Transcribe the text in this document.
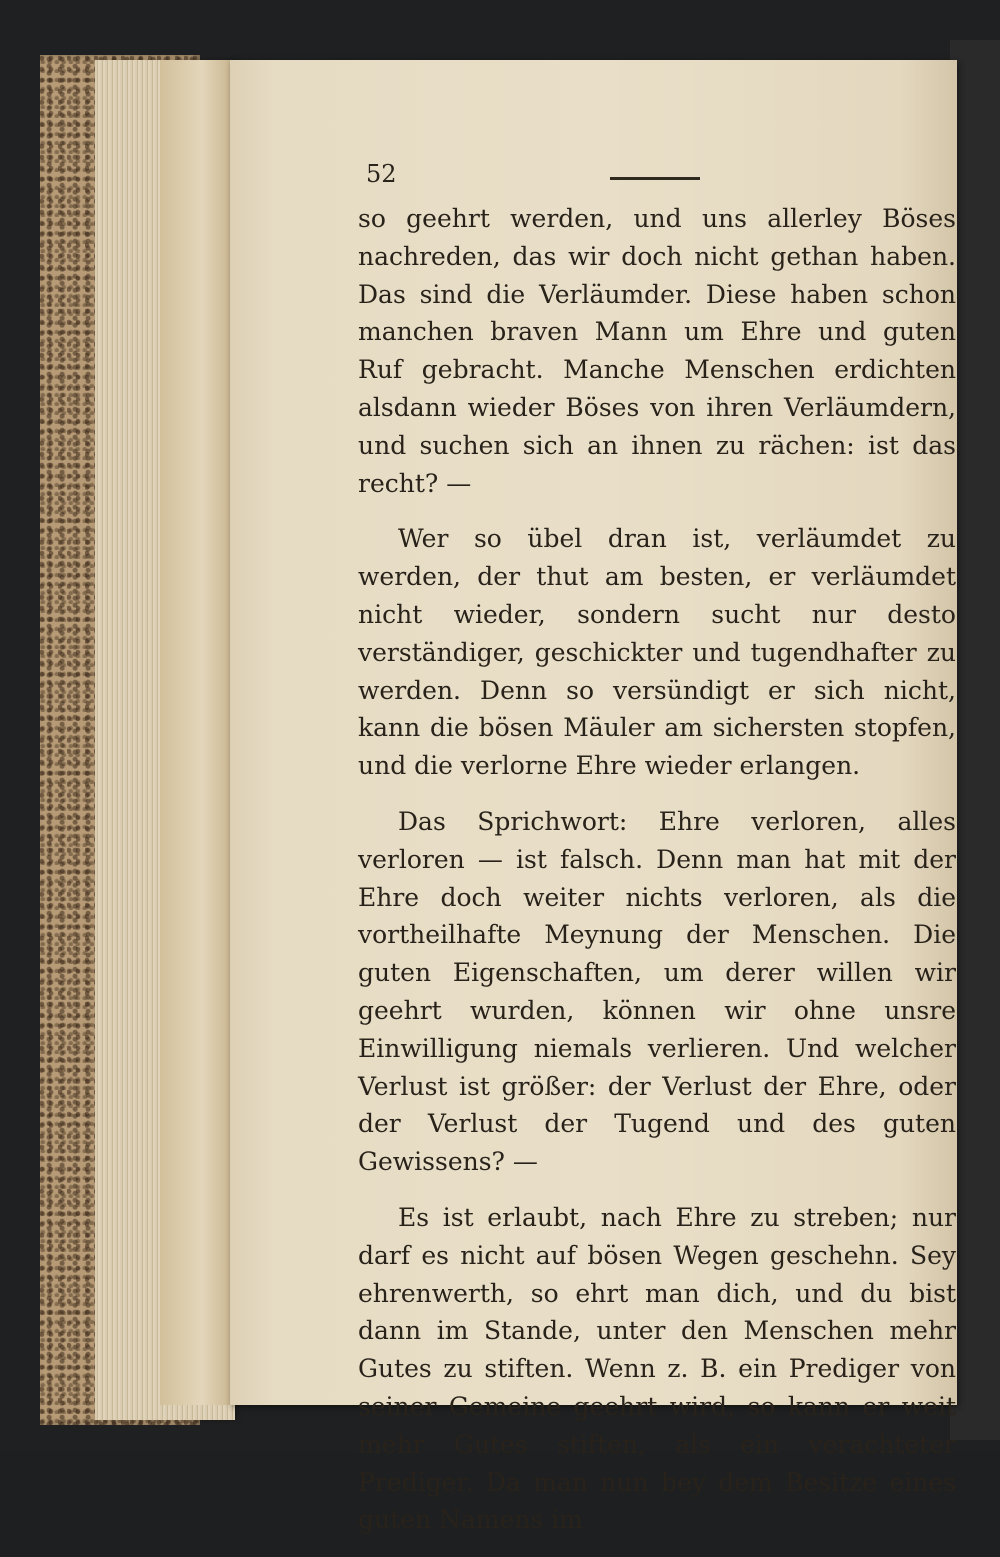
52

so geehrt werden, und uns allerley Böses nachreden, das wir doch nicht gethan haben. Das sind die Verläumder. Diese haben schon manchen braven Mann um Ehre und guten Ruf gebracht. Manche Menschen erdichten alsdann wieder Böses von ihren Verläumdern, und suchen sich an ihnen zu rächen: ist das recht? —

Wer so übel dran ist, verläumdet zu werden, der thut am besten, er verläumdet nicht wieder, sondern sucht nur desto verständiger, geschickter und tugendhafter zu werden. Denn so versündigt er sich nicht, kann die bösen Mäuler am sichersten stopfen, und die verlorne Ehre wieder erlangen.

Das Sprichwort: Ehre verloren, alles verloren — ist falsch. Denn man hat mit der Ehre doch weiter nichts verloren, als die vortheilhafte Meynung der Menschen. Die guten Eigenschaften, um derer willen wir geehrt wurden, können wir ohne unsre Einwilligung niemals verlieren. Und welcher Verlust ist größer: der Verlust der Ehre, oder der Verlust der Tugend und des guten Gewissens? —

Es ist erlaubt, nach Ehre zu streben; nur darf es nicht auf bösen Wegen geschehn. Sey ehrenwerth, so ehrt man dich, und du bist dann im Stande, unter den Menschen mehr Gutes zu stiften. Wenn z. B. ein Prediger von seiner Gemeine geehrt wird, so kann er weit mehr Gutes stiften, als ein verachteter Prediger. Da man nun bey dem Besitze eines guten Namens im
